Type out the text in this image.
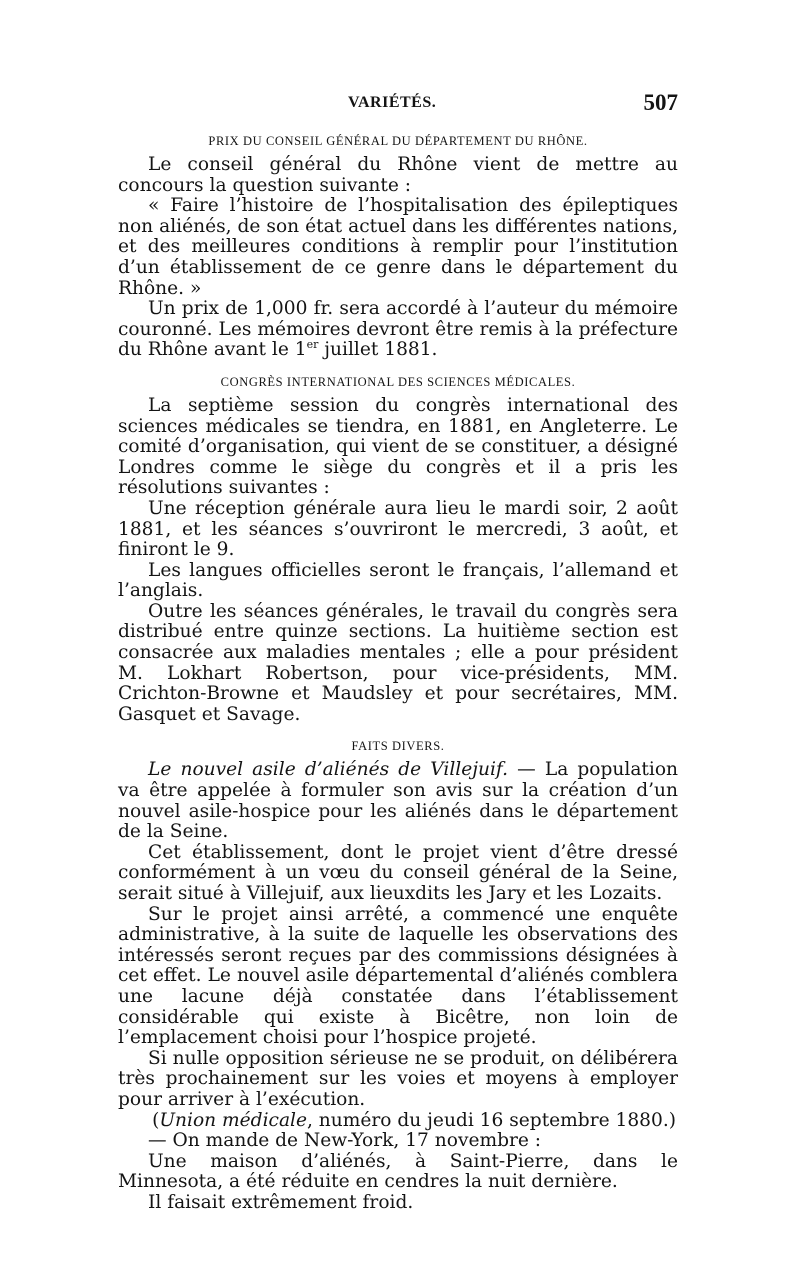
VARIÉTÉS.	507
PRIX DU CONSEIL GÉNÉRAL DU DÉPARTEMENT DU RHÔNE.

Le conseil général du Rhône vient de mettre au concours la question suivante :

« Faire l’histoire de l’hospitalisation des épileptiques non aliénés, de son état actuel dans les différentes nations, et des meilleures conditions à remplir pour l’institution d’un établissement de ce genre dans le département du Rhône. »

Un prix de 1,000 fr. sera accordé à l’auteur du mémoire couronné. Les mémoires devront être remis à la préfecture du Rhône avant le 1er juillet 1881.

CONGRÈS INTERNATIONAL DES SCIENCES MÉDICALES.

La septième session du congrès international des sciences médicales se tiendra, en 1881, en Angleterre. Le comité d’organisation, qui vient de se constituer, a désigné Londres comme le siège du congrès et il a pris les résolutions suivantes :

Une réception générale aura lieu le mardi soir, 2 août 1881, et les séances s’ouvriront le mercredi, 3 août, et finiront le 9.

Les langues officielles seront le français, l’allemand et l’anglais.

Outre les séances générales, le travail du congrès sera distribué entre quinze sections. La huitième section est consacrée aux maladies mentales ; elle a pour président M. Lokhart Robertson, pour vice-présidents, MM. Crichton-Browne et Maudsley et pour secrétaires, MM. Gasquet et Savage.

FAITS DIVERS.

Le nouvel asile d’aliénés de Villejuif. — La population va être appelée à formuler son avis sur la création d’un nouvel asile-hospice pour les aliénés dans le département de la Seine.

Cet établissement, dont le projet vient d’être dressé conformément à un vœu du conseil général de la Seine, serait situé à Villejuif, aux lieuxdits les Jary et les Lozaits.

Sur le projet ainsi arrêté, a commencé une enquête administrative, à la suite de laquelle les observations des intéressés seront reçues par des commissions désignées à cet effet. Le nouvel asile départemental d’aliénés comblera une lacune déjà constatée dans l’établissement considérable qui existe à Bicêtre, non loin de l’emplacement choisi pour l’hospice projeté.

Si nulle opposition sérieuse ne se produit, on délibérera très prochainement sur les voies et moyens à employer pour arriver à l’exécution.

(Union médicale, numéro du jeudi 16 septembre 1880.)

— On mande de New-York, 17 novembre :

Une maison d’aliénés, à Saint-Pierre, dans le Minnesota, a été réduite en cendres la nuit dernière.

Il faisait extrêmement froid.
